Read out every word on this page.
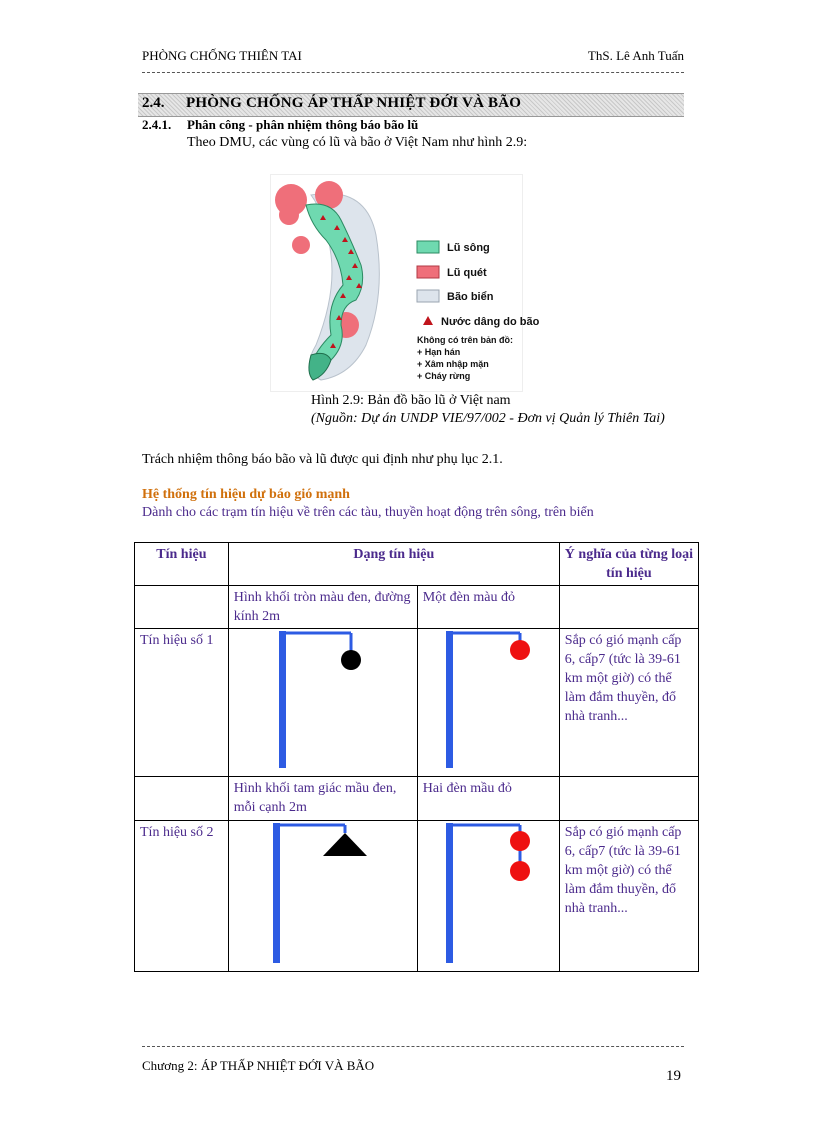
PHÒNG CHỐNG THIÊN TAI	ThS. Lê Anh Tuấn
2.4. PHÒNG CHỐNG ÁP THẤP NHIỆT ĐỚI VÀ BÃO
2.4.1. Phân công - phân nhiệm thông báo bão lũ
Theo DMU, các vùng có lũ và bão ở Việt Nam như hình 2.9:
Lũ sông
Lũ quét
Bão biển
Nước dâng do bão
Không có trên bản đồ:
+ Hạn hán
+ Xâm nhập mặn
+ Cháy rừng
Hình 2.9: Bản đồ bão lũ ở Việt nam
(Nguồn: Dự án UNDP VIE/97/002 - Đơn vị Quản lý Thiên Tai)
Trách nhiệm thông báo bão và lũ được qui định như phụ lục 2.1.
Hệ thống tín hiệu dự báo gió mạnh
Dành cho các trạm tín hiệu về trên các tàu, thuyền hoạt động trên sông, trên biển
Tín hiệu	Dạng tín hiệu		Ý nghĩa của từng loại tín hiệu
	Hình khối tròn màu đen, đường kính 2m	Một đèn màu đỏ	
Tín hiệu số 1			Sắp có gió mạnh cấp 6, cấp7 (tức là 39-61 km một giờ) có thể làm đắm thuyền, đổ nhà tranh...
	Hình khối tam giác mầu đen, mỗi cạnh 2m	Hai đèn mầu đỏ	
Tín hiệu số 2			Sắp có gió mạnh cấp 6, cấp7 (tức là 39-61 km một giờ) có thể làm đắm thuyền, đổ nhà tranh...
Chương 2: ÁP THẤP NHIỆT ĐỚI VÀ BÃO
19
